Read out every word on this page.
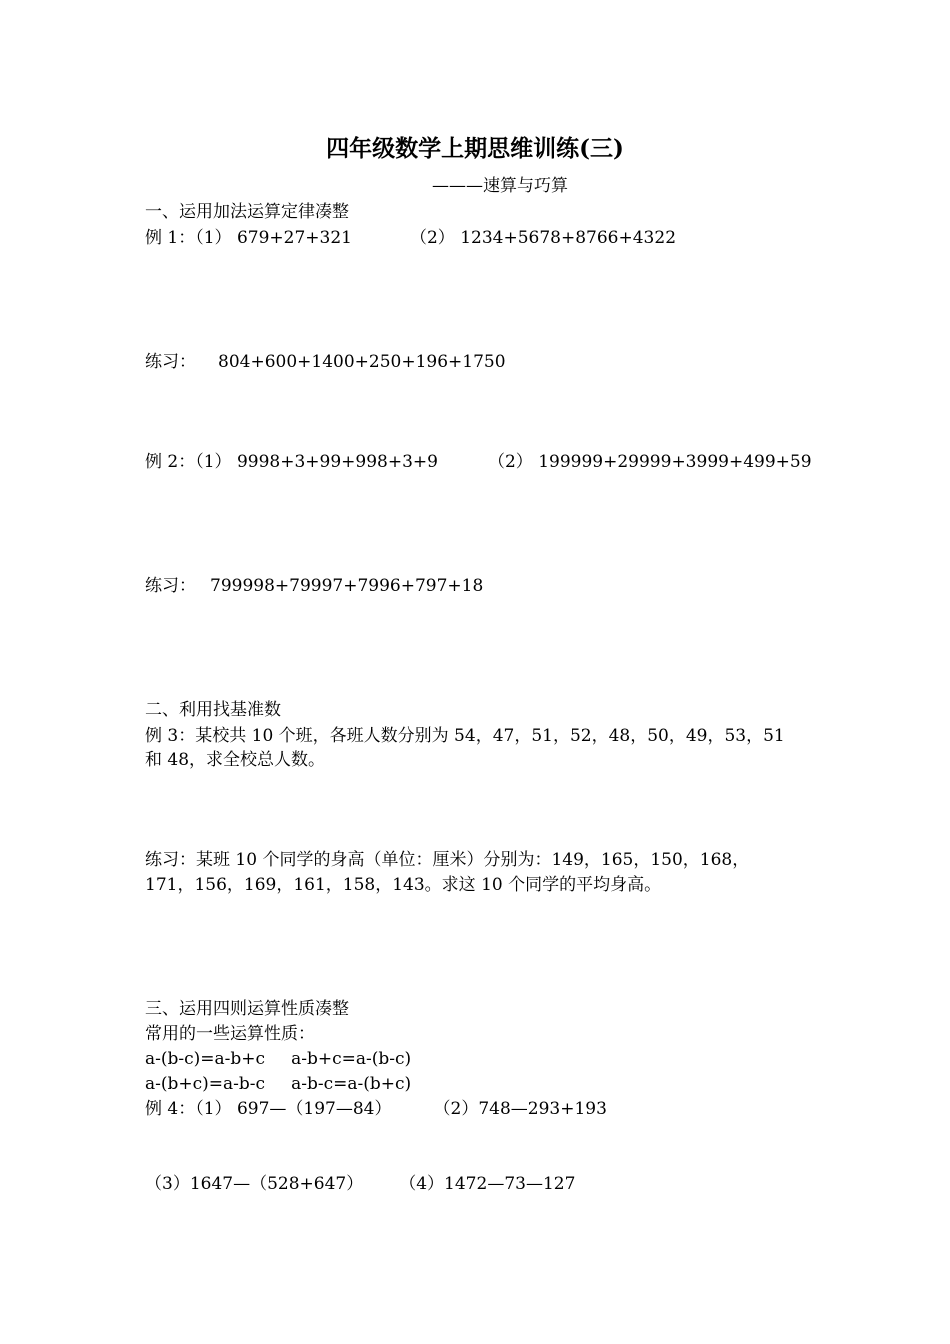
四年级数学上期思维训练(三)
———速算与巧算
一、运用加法运算定律凑整
例 1：（1） 679+27+321	（2） 1234+5678+8766+4322
练习： 804+600+1400+250+196+1750
例 2：（1） 9998+3+99+998+3+9	（2） 199999+29999+3999+499+59
练习： 799998+79997+7996+797+18
二、利用找基准数
例 3：某校共 10 个班，各班人数分别为 54，47，51，52，48，50，49，53，51
和 48，求全校总人数。
练习：某班 10 个同学的身高（单位：厘米）分别为：149，165，150，168，
171，156，169，161，158，143。求这 10 个同学的平均身高。
三、运用四则运算性质凑整
常用的一些运算性质：
a-(b-c)=a-b+c a-b+c=a-(b-c)
a-(b+c)=a-b-c a-b-c=a-(b+c)
例 4：（1） 697—（197—84） （2）748—293+193
（3）1647—（528+647） （4）1472—73—127
